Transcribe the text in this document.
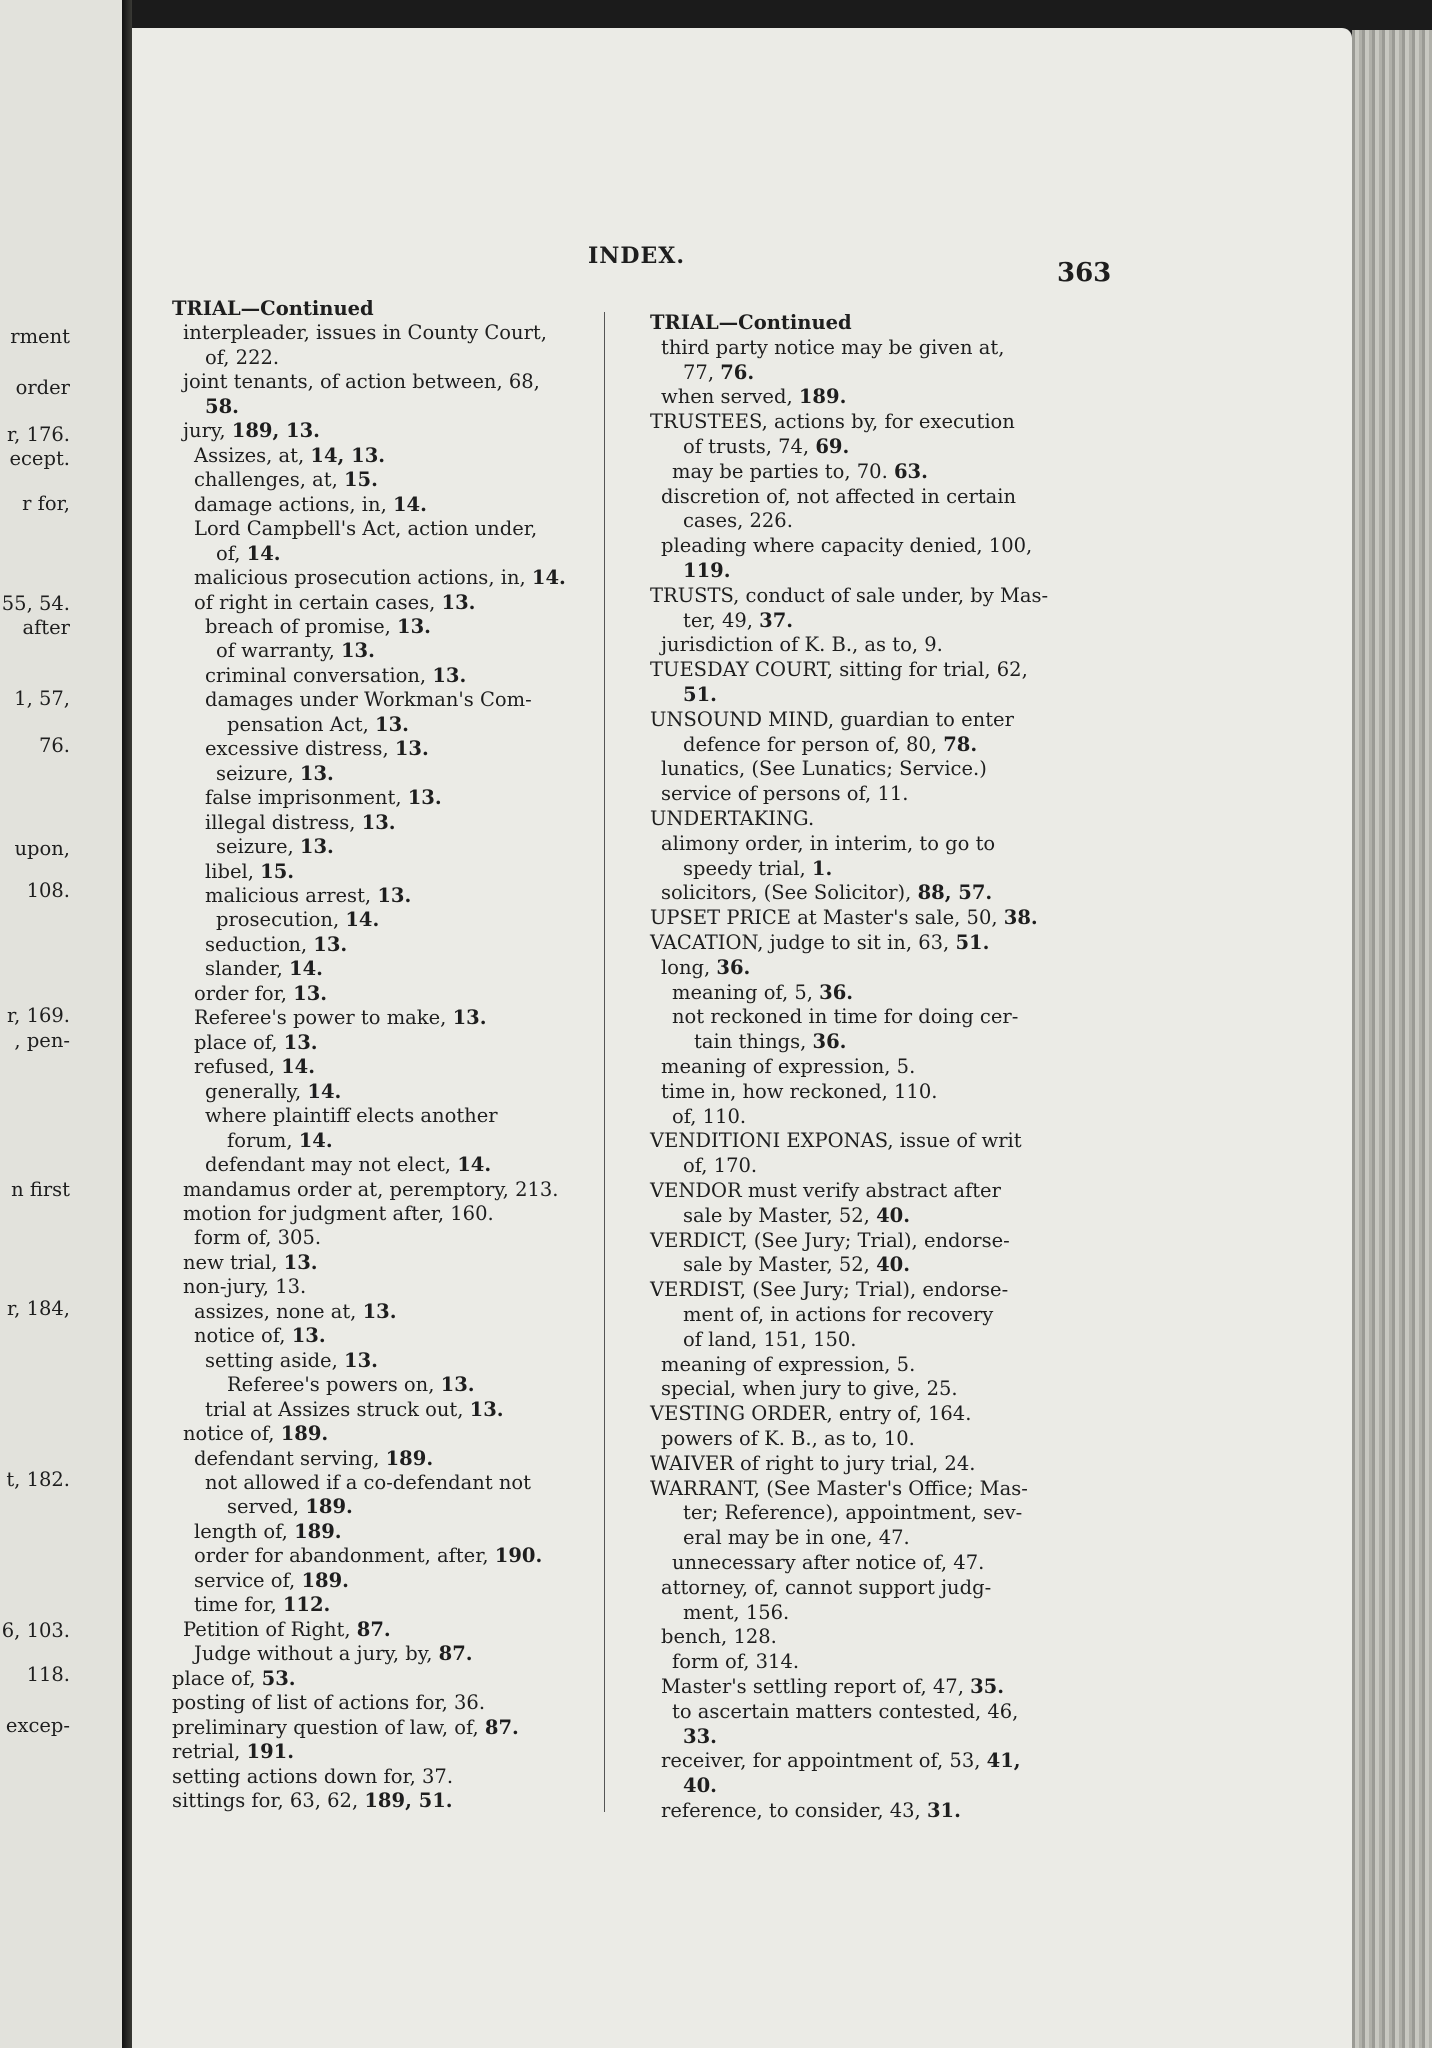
INDEX.
363
rment
order
r, 176.
ecept.
r for,
55, 54.
after
1, 57,
76.
upon,
108.
r, 169.
, pen-
n first
r, 184,
t, 182.
6, 103.
118.
excep-
TRIAL—Continued
interpleader, issues in County Court,
of, 222.
joint tenants, of action between, 68,
58.
jury, 189, 13.
Assizes, at, 14, 13.
challenges, at, 15.
damage actions, in, 14.
Lord Campbell's Act, action under,
of, 14.
malicious prosecution actions, in, 14.
of right in certain cases, 13.
breach of promise, 13.
of warranty, 13.
criminal conversation, 13.
damages under Workman's Com-
pensation Act, 13.
excessive distress, 13.
seizure, 13.
false imprisonment, 13.
illegal distress, 13.
seizure, 13.
libel, 15.
malicious arrest, 13.
prosecution, 14.
seduction, 13.
slander, 14.
order for, 13.
Referee's power to make, 13.
place of, 13.
refused, 14.
generally, 14.
where plaintiff elects another
forum, 14.
defendant may not elect, 14.
mandamus order at, peremptory, 213.
motion for judgment after, 160.
form of, 305.
new trial, 13.
non-jury, 13.
assizes, none at, 13.
notice of, 13.
setting aside, 13.
Referee's powers on, 13.
trial at Assizes struck out, 13.
notice of, 189.
defendant serving, 189.
not allowed if a co-defendant not
served, 189.
length of, 189.
order for abandonment, after, 190.
service of, 189.
time for, 112.
Petition of Right, 87.
Judge without a jury, by, 87.
place of, 53.
posting of list of actions for, 36.
preliminary question of law, of, 87.
retrial, 191.
setting actions down for, 37.
sittings for, 63, 62, 189, 51.
TRIAL—Continued
third party notice may be given at,
77, 76.
when served, 189.
TRUSTEES, actions by, for execution
of trusts, 74, 69.
may be parties to, 70. 63.
discretion of, not affected in certain
cases, 226.
pleading where capacity denied, 100,
119.
TRUSTS, conduct of sale under, by Mas-
ter, 49, 37.
jurisdiction of K. B., as to, 9.
TUESDAY COURT, sitting for trial, 62,
51.
UNSOUND MIND, guardian to enter
defence for person of, 80, 78.
lunatics, (See Lunatics; Service.)
service of persons of, 11.
UNDERTAKING.
alimony order, in interim, to go to
speedy trial, 1.
solicitors, (See Solicitor), 88, 57.
UPSET PRICE at Master's sale, 50, 38.
VACATION, judge to sit in, 63, 51.
long, 36.
meaning of, 5, 36.
not reckoned in time for doing cer-
tain things, 36.
meaning of expression, 5.
time in, how reckoned, 110.
of, 110.
VENDITIONI EXPONAS, issue of writ
of, 170.
VENDOR must verify abstract after
sale by Master, 52, 40.
VERDICT, (See Jury; Trial), endorse-
sale by Master, 52, 40.
VERDIST, (See Jury; Trial), endorse-
ment of, in actions for recovery
of land, 151, 150.
meaning of expression, 5.
special, when jury to give, 25.
VESTING ORDER, entry of, 164.
powers of K. B., as to, 10.
WAIVER of right to jury trial, 24.
WARRANT, (See Master's Office; Mas-
ter; Reference), appointment, sev-
eral may be in one, 47.
unnecessary after notice of, 47.
attorney, of, cannot support judg-
ment, 156.
bench, 128.
form of, 314.
Master's settling report of, 47, 35.
to ascertain matters contested, 46,
33.
receiver, for appointment of, 53, 41,
40.
reference, to consider, 43, 31.
